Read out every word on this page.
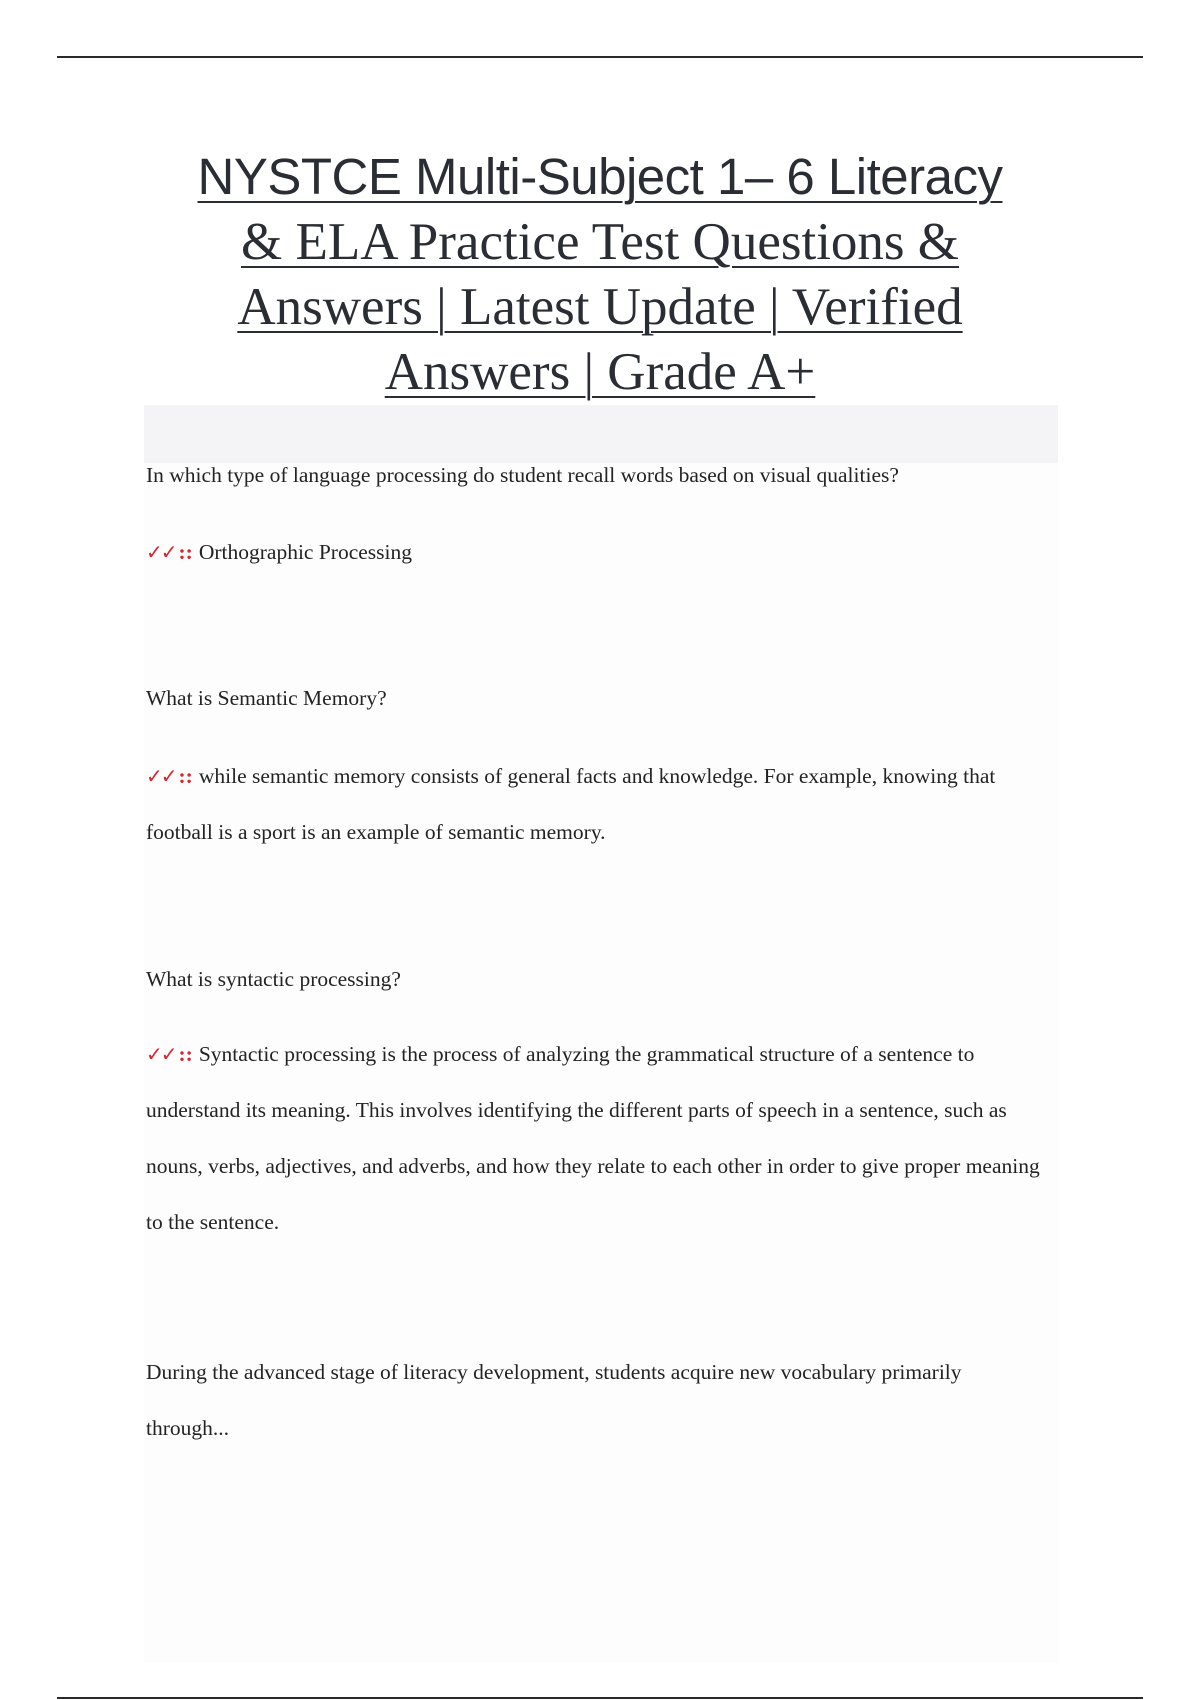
NYSTCE Multi-Subject 1– 6 Literacy
& ELA Practice Test Questions &
Answers | Latest Update | Verified
Answers | Grade A+
In which type of language processing do student recall words based on visual qualities?
✓✓ :: Orthographic Processing
What is Semantic Memory?
✓✓ :: while semantic memory consists of general facts and knowledge. For example, knowing that football is a sport is an example of semantic memory.
What is syntactic processing?
✓✓ :: Syntactic processing is the process of analyzing the grammatical structure of a sentence to understand its meaning. This involves identifying the different parts of speech in a sentence, such as nouns, verbs, adjectives, and adverbs, and how they relate to each other in order to give proper meaning to the sentence.
During the advanced stage of literacy development, students acquire new vocabulary primarily through...
